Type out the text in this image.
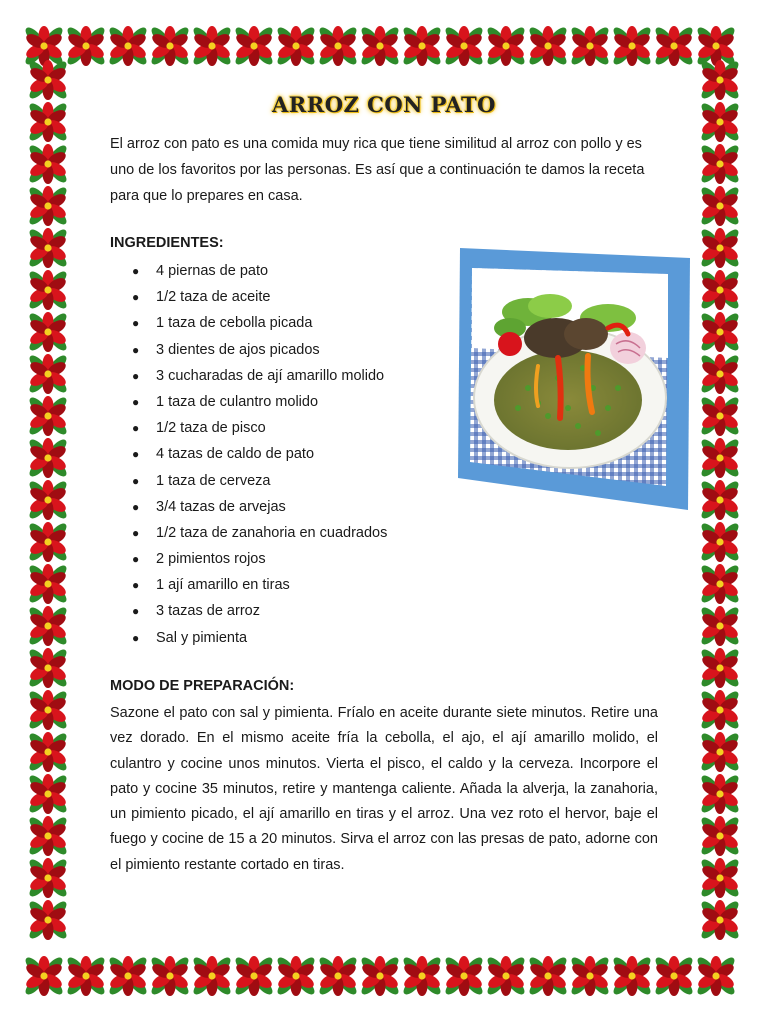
ARROZ CON PATO

El arroz con pato es una comida muy rica que tiene similitud al arroz con pollo y es uno de los favoritos por las personas. Es así que a continuación te damos la receta para que lo prepares en casa.

INGREDIENTES:

● 4 piernas de pato
● 1/2 taza de aceite
● 1 taza de cebolla picada
● 3 dientes de ajos picados
● 3 cucharadas de ají amarillo molido
● 1 taza de culantro molido
● 1/2 taza de pisco
● 4 tazas de caldo de pato
● 1 taza de cerveza
● 3/4 tazas de arvejas
● 1/2 taza de zanahoria en cuadrados
● 2 pimientos rojos
● 1 ají amarillo en tiras
● 3 tazas de arroz
● Sal y pimienta

MODO DE PREPARACIÓN:

Sazone el pato con sal y pimienta. Fríalo en aceite durante siete minutos. Retire una vez dorado. En el mismo aceite fría la cebolla, el ajo, el ají amarillo molido, el culantro y cocine unos minutos. Vierta el pisco, el caldo y la cerveza. Incorpore el pato y cocine 35 minutos, retire y mantenga caliente. Añada la alverja, la zanahoria, un pimiento picado, el ají amarillo en tiras y el arroz. Una vez roto el hervor, baje el fuego y cocine de 15 a 20 minutos. Sirva el arroz con las presas de pato, adorne con el pimiento restante cortado en tiras.
